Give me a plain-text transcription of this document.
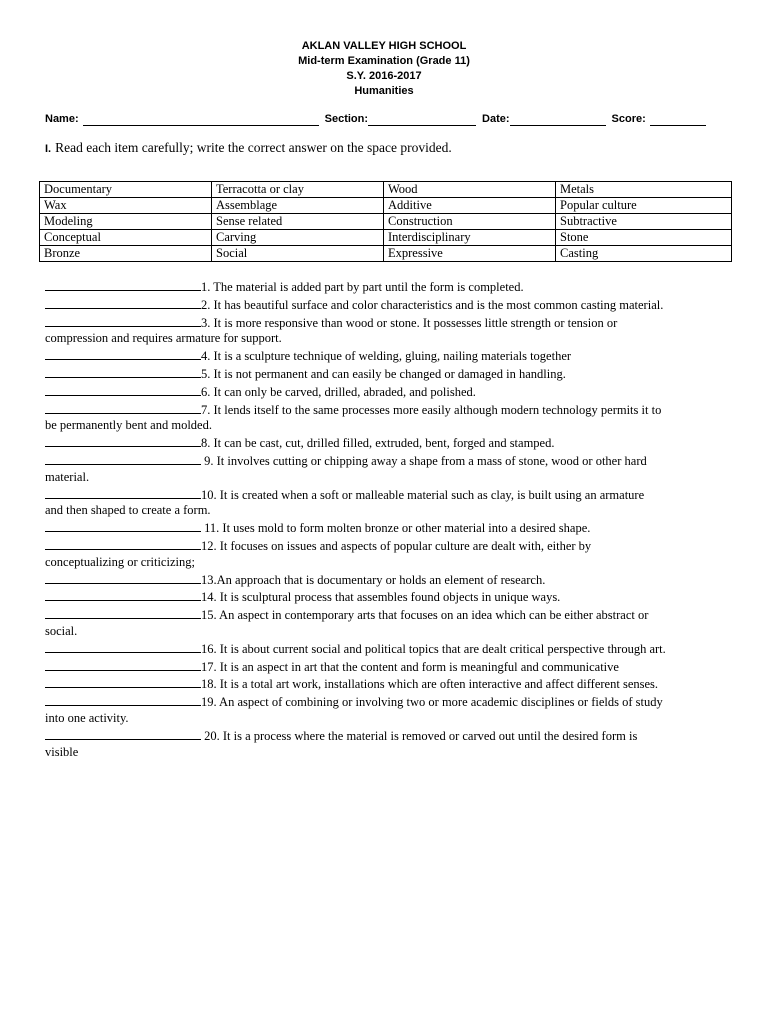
AKLAN VALLEY HIGH SCHOOL
Mid-term Examination (Grade 11)
S.Y. 2016-2017
Humanities
Name:	Section:	Date:	Score:
I. Read each item carefully; write the correct answer on the space provided.
Documentary	Terracotta or clay	Wood	Metals
Wax	Assemblage	Additive	Popular culture
Modeling	Sense related	Construction	Subtractive
Conceptual	Carving	Interdisciplinary	Stone
Bronze	Social	Expressive	Casting
1. The material is added part by part until the form is completed.
2. It has beautiful surface and color characteristics and is the most common casting material.
3. It is more responsive than wood or stone. It possesses little strength or tension or
compression and requires armature for support.
4. It is a sculpture technique of welding, gluing, nailing materials together
5. It is not permanent and can easily be changed or damaged in handling.
6. It can only be carved, drilled, abraded, and polished.
7. It lends itself to the same processes more easily although modern technology permits it to
be permanently bent and molded.
8. It can be cast, cut, drilled filled, extruded, bent, forged and stamped.
9. It involves cutting or chipping away a shape from a mass of stone, wood or other hard
material.
10. It is created when a soft or malleable material such as clay, is built using an armature
and then shaped to create a form.
11. It uses mold to form molten bronze or other material into a desired shape.
12. It focuses on issues and aspects of popular culture are dealt with, either by
conceptualizing or criticizing;
13.An approach that is documentary or holds an element of research.
14. It is sculptural process that assembles found objects in unique ways.
15. An aspect in contemporary arts that focuses on an idea which can be either abstract or
social.
16. It is about current social and political topics that are dealt critical perspective through art.
17. It is an aspect in art that the content and form is meaningful and communicative
18. It is a total art work, installations which are often interactive and affect different senses.
19. An aspect of combining or involving two or more academic disciplines or fields of study
into one activity.
20. It is a process where the material is removed or carved out until the desired form is
visible
